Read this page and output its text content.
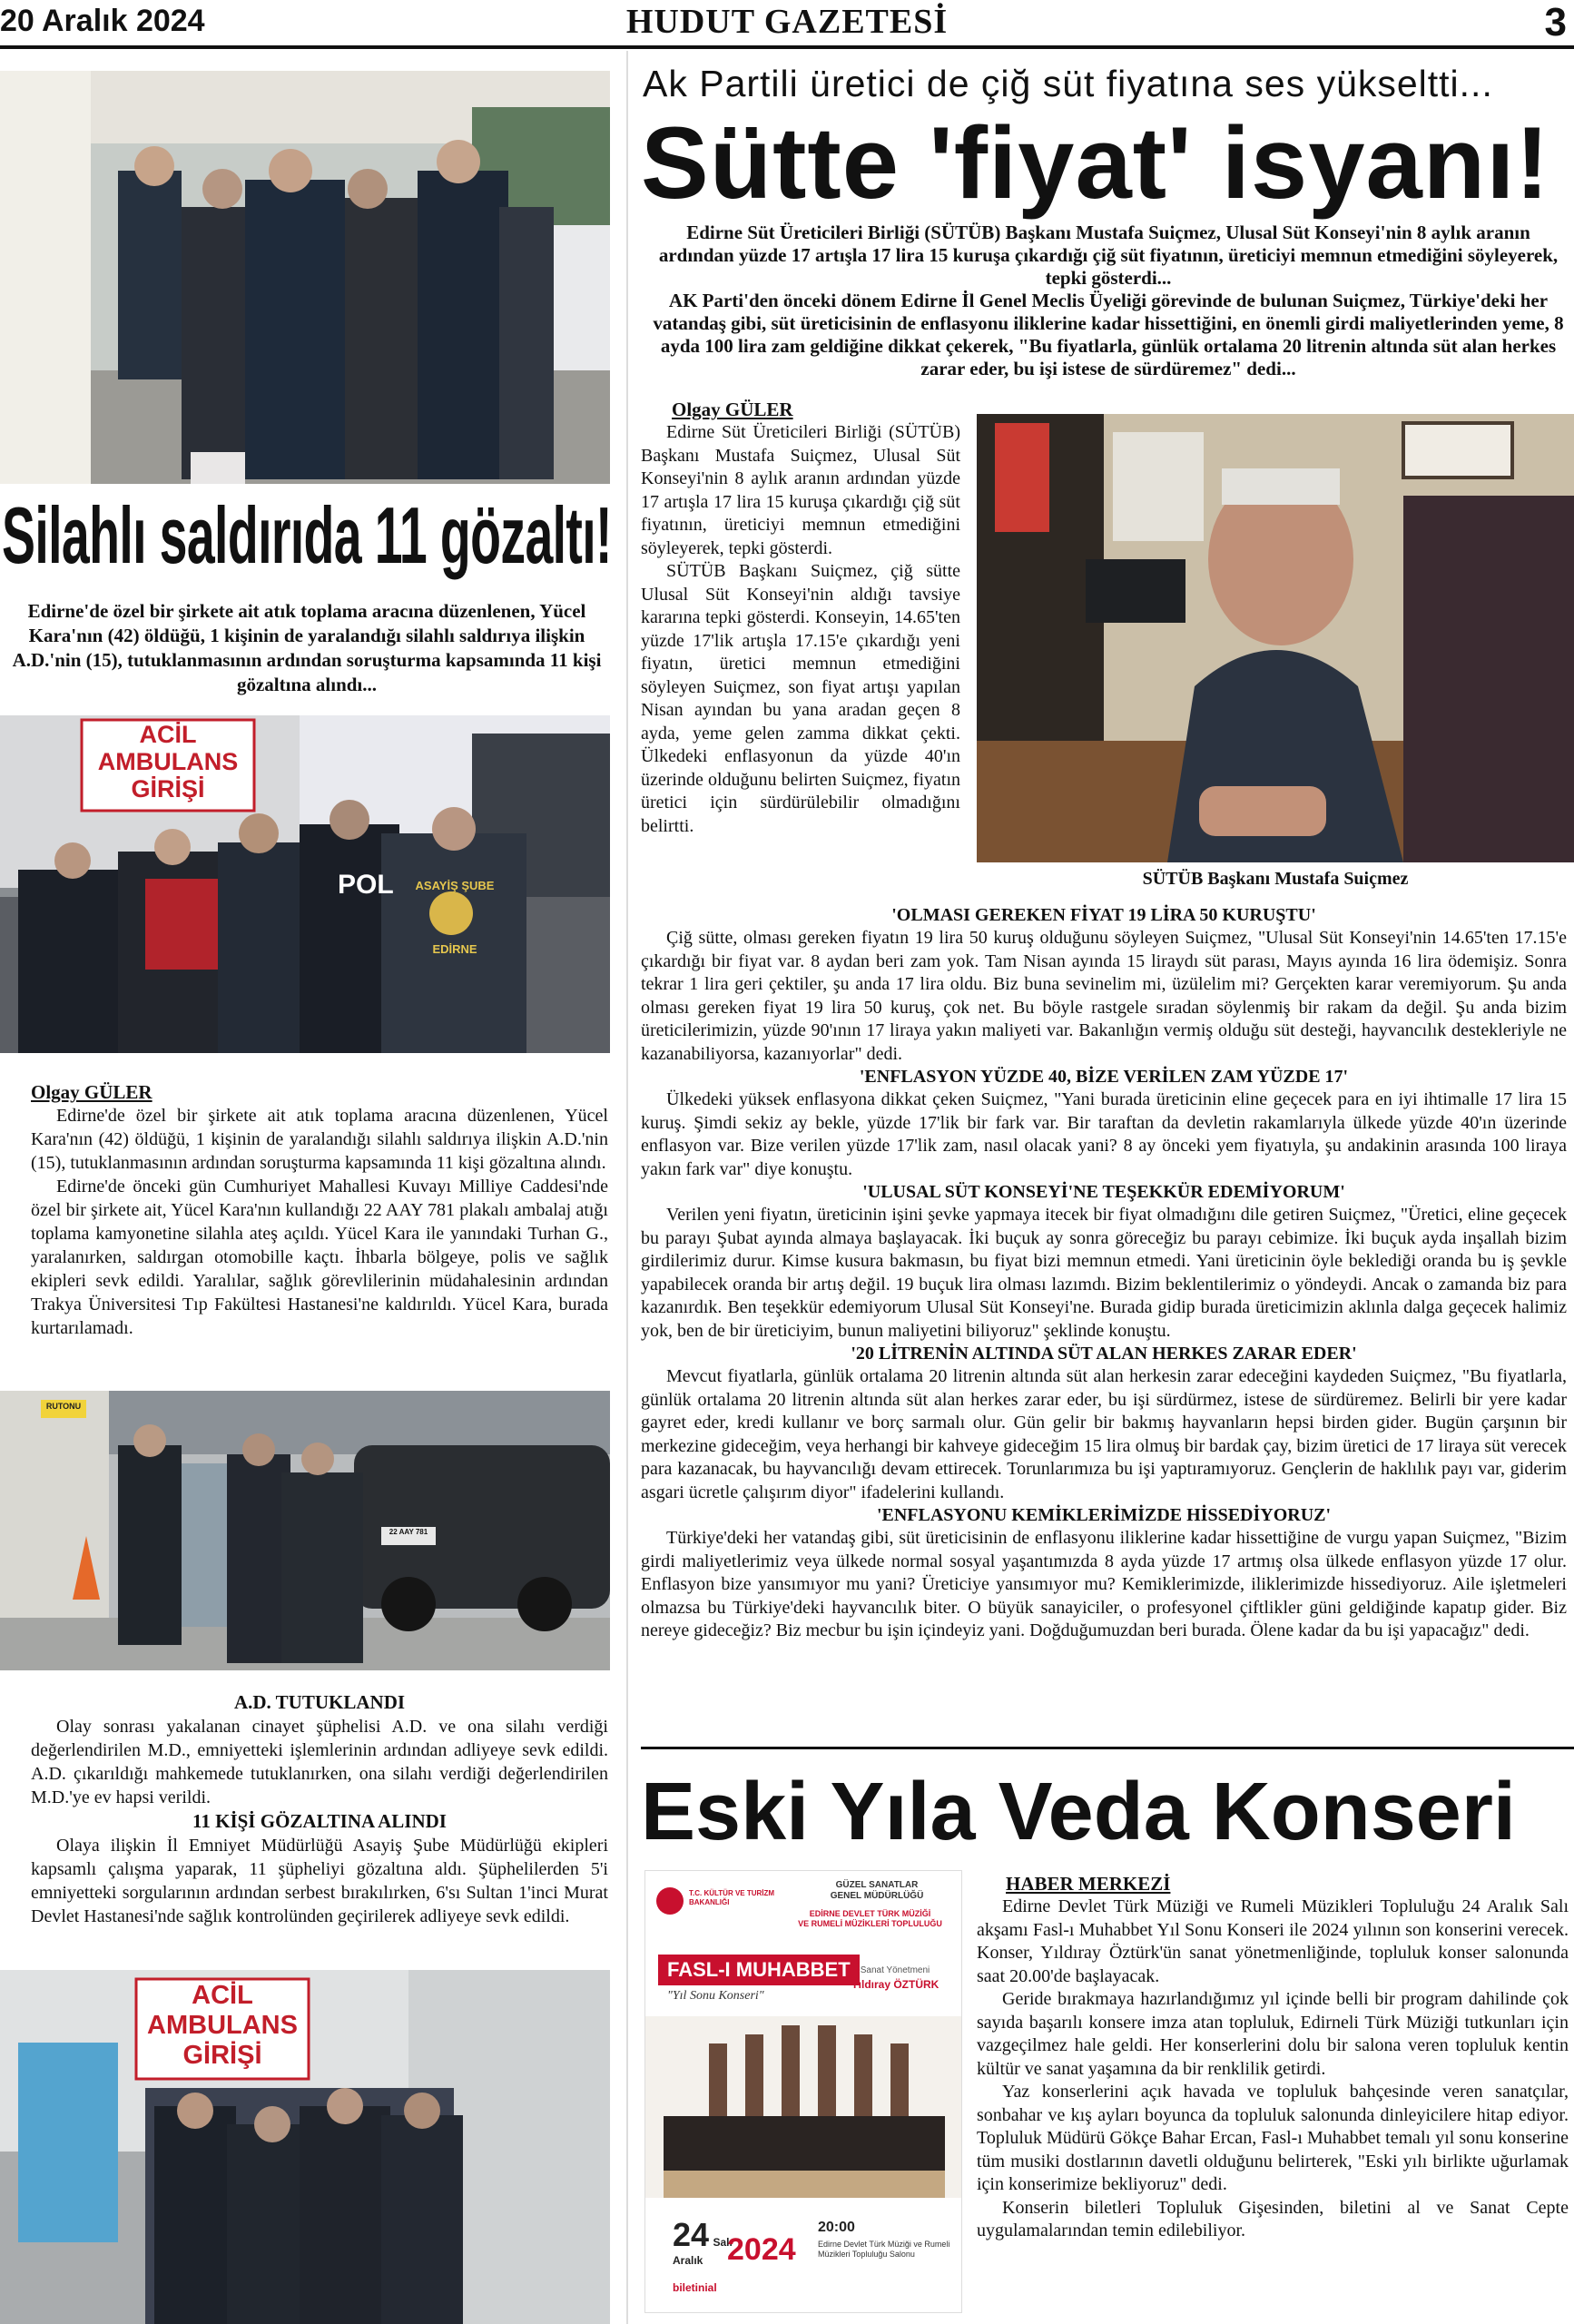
20 Aralık 2024	HUDUT GAZETESİ	3
Silahlı saldırıda 11 gözaltı!
Edirne'de özel bir şirkete ait atık toplama aracına düzenlenen, Yücel Kara'nın (42) öldüğü, 1 kişinin de yaralandığı silahlı saldırıya ilişkin A.D.'nin (15), tutuklanmasının ardından soruşturma kapsamında 11 kişi gözaltına alındı...
ACİL
AMBULANS
GİRİŞİ
POL	ASAYİŞ ŞUBE
EDİRNE
Olgay GÜLER

Edirne'de özel bir şirkete ait atık toplama aracına düzenlenen, Yücel Kara'nın (42) öldüğü, 1 kişinin de yaralandığı silahlı saldırıya ilişkin A.D.'nin (15), tutuklanmasının ardından soruşturma kapsamında 11 kişi gözaltına alındı.

Edirne'de önceki gün Cumhuriyet Mahallesi Kuvayı Milliye Caddesi'nde özel bir şirkete ait, Yücel Kara'nın kullandığı 22 AAY 781 plakalı ambalaj atığı toplama kamyonetine silahla ateş açıldı. Yücel Kara ile yanındaki Turhan G., yaralanırken, saldırgan otomobille kaçtı. İhbarla bölgeye, polis ve sağlık ekipleri sevk edildi. Yaralılar, sağlık görevlilerinin müdahalesinin ardından Trakya Üniversitesi Tıp Fakültesi Hastanesi'ne kaldırıldı. Yücel Kara, burada kurtarılamadı.

RUTONU
22 AAY 781
A.D. TUTUKLANDI

Olay sonrası yakalanan cinayet şüphelisi A.D. ve ona silahı verdiği değerlendirilen M.D., emniyetteki işlemlerinin ardından adliyeye sevk edildi. A.D. çıkarıldığı mahkemede tutuklanırken, ona silahı verdiği değerlendirilen M.D.'ye ev hapsi verildi.

11 KİŞİ GÖZALTINA ALINDI

Olaya ilişkin İl Emniyet Müdürlüğü Asayiş Şube Müdürlüğü ekipleri kapsamlı çalışma yaparak, 11 şüpheliyi gözaltına aldı. Şüphelilerden 5'i emniyetteki sorgularının ardından serbest bırakılırken, 6'sı Sultan 1'inci Murat Devlet Hastanesi'nde sağlık kontrolünden geçirilerek adliyeye sevk edildi.

ACİL
AMBULANS
GİRİŞİ
Ak Partili üretici de çiğ süt fiyatına ses yükseltti...
Sütte 'fiyat' isyanı!
Edirne Süt Üreticileri Birliği (SÜTÜB) Başkanı Mustafa Suiçmez, Ulusal Süt Konseyi'nin 8 aylık aranın ardından yüzde 17 artışla 17 lira 15 kuruşa çıkardığı çiğ süt fiyatının, üreticiyi memnun etmediğini söyleyerek, tepki gösterdi...
AK Parti'den önceki dönem Edirne İl Genel Meclis Üyeliği görevinde de bulunan Suiçmez, Türkiye'deki her vatandaş gibi, süt üreticisinin de enflasyonu iliklerine kadar hissettiğini, en önemli girdi maliyetlerinden yeme, 8 ayda 100 lira zam geldiğine dikkat çekerek, "Bu fiyatlarla, günlük ortalama 20 litrenin altında süt alan herkes zarar eder, bu işi istese de sürdüremez" dedi...
Olgay GÜLER

Edirne Süt Üreticileri Birliği (SÜTÜB) Başkanı Mustafa Suiçmez, Ulusal Süt Konseyi'nin 8 aylık aranın ardından yüzde 17 artışla 17 lira 15 kuruşa çıkardığı çiğ süt fiyatının, üreticiyi memnun etmediğini söyleyerek, tepki gösterdi.

SÜTÜB Başkanı Suiçmez, çiğ sütte Ulusal Süt Konseyi'nin aldığı tavsiye kararına tepki gösterdi. Konseyin, 14.65'ten yüzde 17'lik artışla 17.15'e çıkardığı yeni fiyatın, üretici memnun etmediğini söyleyen Suiçmez, son fiyat artışı yapılan Nisan ayından bu yana aradan geçen 8 ayda, yeme gelen zamma dikkat çekti. Ülkedeki enflasyonun da yüzde 40'ın üzerinde olduğunu belirten Suiçmez, fiyatın üretici için sürdürülebilir olmadığını belirtti.

SÜTÜB Başkanı Mustafa Suiçmez
'OLMASI GEREKEN FİYAT 19 LİRA 50 KURUŞTU'

Çiğ sütte, olması gereken fiyatın 19 lira 50 kuruş olduğunu söyleyen Suiçmez, "Ulusal Süt Konseyi'nin 14.65'ten 17.15'e çıkardığı bir fiyat var. 8 aydan beri zam yok. Tam Nisan ayında 15 liraydı süt parası, Mayıs ayında 16 lira ödemişiz. Sonra tekrar 1 lira geri çektiler, şu anda 17 lira oldu. Biz buna sevinelim mi, üzülelim mi? Gerçekten karar veremiyorum. Şu anda olması gereken fiyat 19 lira 50 kuruş, çok net. Bu böyle rastgele sıradan söylenmiş bir rakam da değil. Şu anda bizim üreticilerimizin, yüzde 90'ının 17 liraya yakın maliyeti var. Bakanlığın vermiş olduğu süt desteği, hayvancılık destekleriyle ne kazanabiliyorsa, kazanıyorlar" dedi.

'ENFLASYON YÜZDE 40, BİZE VERİLEN ZAM YÜZDE 17'

Ülkedeki yüksek enflasyona dikkat çeken Suiçmez, "Yani burada üreticinin eline geçecek para en iyi ihtimalle 17 lira 15 kuruş. Şimdi sekiz ay bekle, yüzde 17'lik bir fark var. Bir taraftan da devletin rakamlarıyla ülkede yüzde 40'ın üzerinde enflasyon var. Bize verilen yüzde 17'lik zam, nasıl olacak yani? 8 ay önceki yem fiyatıyla, şu andakinin arasında 100 liraya yakın fark var" diye konuştu.

'ULUSAL SÜT KONSEYİ'NE TEŞEKKÜR EDEMİYORUM'

Verilen yeni fiyatın, üreticinin işini şevke yapmaya itecek bir fiyat olmadığını dile getiren Suiçmez, "Üretici, eline geçecek bu parayı Şubat ayında almaya başlayacak. İki buçuk ay sonra göreceğiz bu parayı cebimize. İki buçuk ayda inşallah bizim girdilerimiz durur. Kimse kusura bakmasın, bu fiyat bizi memnun etmedi. Yani üreticinin öyle beklediği oranda bu iş şevkle yapabilecek oranda bir artış değil. 19 buçuk lira olması lazımdı. Bizim beklentilerimiz o yöndeydi. Ancak o zamanda biz para kazanırdık. Ben teşekkür edemiyorum Ulusal Süt Konseyi'ne. Burada gidip burada üreticimizin aklınla dalga geçecek halimiz yok, ben de bir üreticiyim, bunun maliyetini biliyoruz" şeklinde konuştu.

'20 LİTRENİN ALTINDA SÜT ALAN HERKES ZARAR EDER'

Mevcut fiyatlarla, günlük ortalama 20 litrenin altında süt alan herkesin zarar edeceğini kaydeden Suiçmez, "Bu fiyatlarla, günlük ortalama 20 litrenin altında süt alan herkes zarar eder, bu işi sürdürmez, istese de sürdüremez. Belirli bir yere kadar gayret eder, kredi kullanır ve borç sarmalı olur. Gün gelir bir bakmış hayvanların hepsi birden gider. Bugün çarşının bir merkezine gideceğim, veya herhangi bir kahveye gideceğim 15 lira olmuş bir bardak çay, bizim üretici de 17 liraya süt verecek para kazanacak, bu hayvancılığı devam ettirecek. Torunlarımıza bu işi yaptıramıyoruz. Gençlerin de haklılık payı var, giderim asgari ücretle çalışırım diyor" ifadelerini kullandı.

'ENFLASYONU KEMİKLERİMİZDE HİSSEDİYORUZ'

Türkiye'deki her vatandaş gibi, süt üreticisinin de enflasyonu iliklerine kadar hissettiğine de vurgu yapan Suiçmez, "Bizim girdi maliyetlerimiz veya ülkede normal sosyal yaşantımızda 8 ayda yüzde 17 artmış olsa ülkede enflasyon yüzde 17 olur. Enflasyon bize yansımıyor mu yani? Üreticiye yansımıyor mu? Kemiklerimizde, iliklerimizde hissediyoruz. Aile işletmeleri olmazsa bu Türkiye'deki hayvancılık biter. O büyük sanayiciler, o profesyonel çiftlikler güni geldiğinde kapatıp gider. Biz nereye gideceğiz? Biz mecbur bu işin içindeyiz yani. Doğduğumuzdan beri burada. Ölene kadar da bu işi yapacağız" dedi.

Eski Yıla Veda Konseri
T.C. KÜLTÜR VE TURİZM BAKANLIĞI
GÜZEL SANATLAR
GENEL MÜDÜRLÜĞÜ
EDİRNE DEVLET TÜRK MÜZİĞİ
VE RUMELİ MÜZİKLERİ TOPLULUĞU
FASL-I MUHABBET
"Yıl Sonu Konseri"
Sanat Yönetmeni
Yıldıray ÖZTÜRK
24 Salı
Aralık 2024
20:00
Edirne Devlet Türk Müziği ve Rumeli Müzikleri Topluluğu Salonu
biletinial
HABER MERKEZİ

Edirne Devlet Türk Müziği ve Rumeli Müzikleri Topluluğu 24 Aralık Salı akşamı Fasl-ı Muhabbet Yıl Sonu Konseri ile 2024 yılının son konserini verecek. Konser, Yıldıray Öztürk'ün sanat yönetmenliğinde, topluluk konser salonunda saat 20.00'de başlayacak.

Geride bırakmaya hazırlandığımız yıl içinde belli bir program dahilinde çok sayıda başarılı konsere imza atan topluluk, Edirneli Türk Müziği tutkunları için vazgeçilmez hale geldi. Her konserlerini dolu bir salona veren topluluk kentin kültür ve sanat yaşamına da bir renklilik getirdi.

Yaz konserlerini açık havada ve topluluk bahçesinde veren sanatçılar, sonbahar ve kış ayları boyunca da topluluk salonunda dinleyicilere hitap ediyor. Topluluk Müdürü Gökçe Bahar Ercan, Fasl-ı Muhabbet temalı yıl sonu konserine tüm musiki dostlarının davetli olduğunu belirterek, "Eski yılı birlikte uğurlamak için konserimize bekliyoruz" dedi.

Konserin biletleri Topluluk Gişesinden, biletini al ve Sanat Cepte uygulamalarından temin edilebiliyor.
